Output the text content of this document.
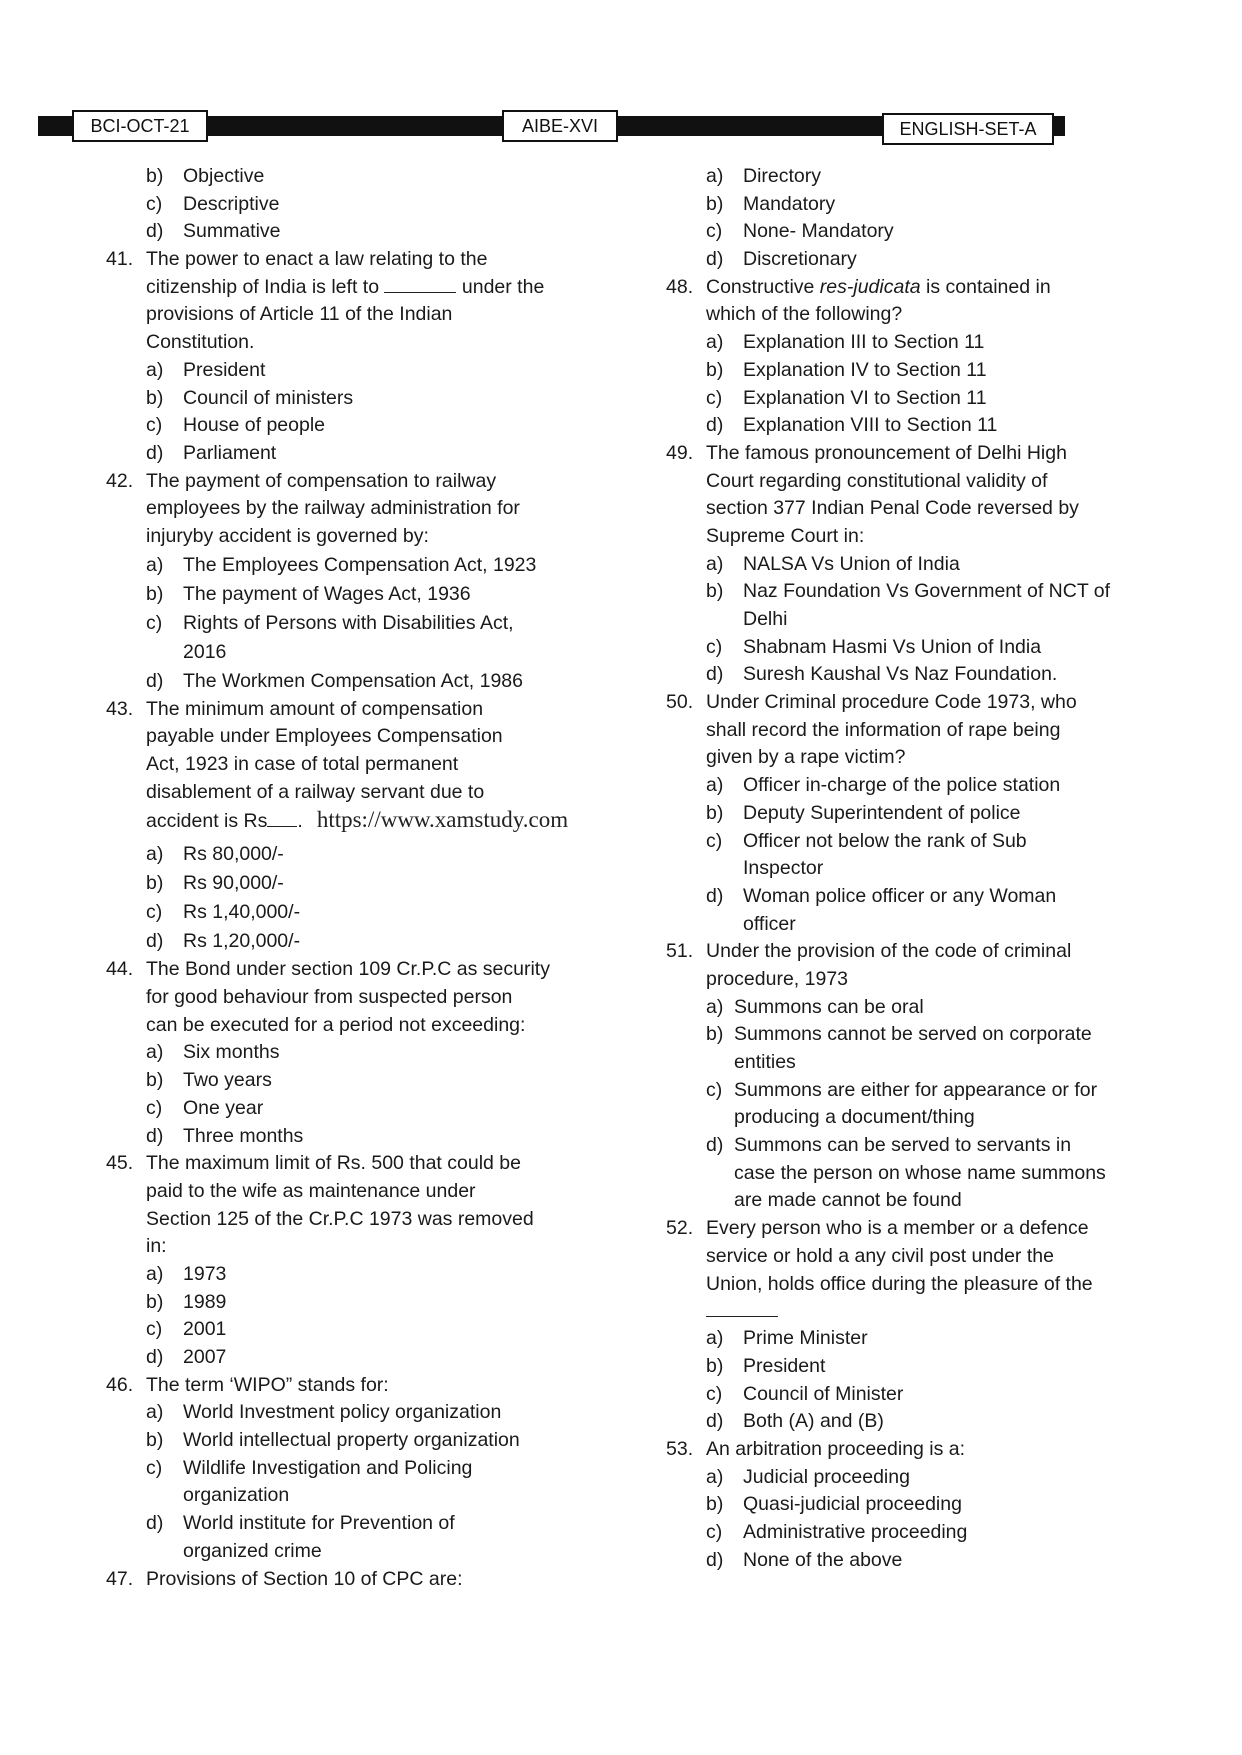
BCI-OCT-21	AIBE-XVI	ENGLISH-SET-A
b) Objective
c) Descriptive
d) Summative
41. The power to enact a law relating to the
citizenship of India is left to	under the
provisions of Article 11 of the Indian
Constitution.
a) President
b) Council of ministers
c) House of people
d) Parliament
42. The payment of compensation to railway
employees by the railway administration for
injuryby accident is governed by:
a) The Employees Compensation Act, 1923
b) The payment of Wages Act, 1936
c) Rights of Persons with Disabilities Act,
2016
d) The Workmen Compensation Act, 1986
43. The minimum amount of compensation
payable under Employees Compensation
Act, 1923 in case of total permanent
disablement of a railway servant due to
accident is Rs . https://www.xamstudy.com
a) Rs 80,000/-
b) Rs 90,000/-
c) Rs 1,40,000/-
d) Rs 1,20,000/-
44. The Bond under section 109 Cr.P.C as security
for good behaviour from suspected person
can be executed for a period not exceeding:
a) Six months
b) Two years
c) One year
d) Three months
45. The maximum limit of Rs. 500 that could be
paid to the wife as maintenance under
Section 125 of the Cr.P.C 1973 was removed
in:
a) 1973
b) 1989
c) 2001
d) 2007
46. The term ‘WIPO” stands for:
a) World Investment policy organization
b) World intellectual property organization
c) Wildlife Investigation and Policing
organization
d) World institute for Prevention of
organized crime
47. Provisions of Section 10 of CPC are:
a) Directory
b) Mandatory
c) None- Mandatory
d) Discretionary
48. Constructive res-judicata is contained in
which of the following?
a) Explanation III to Section 11
b) Explanation IV to Section 11
c) Explanation VI to Section 11
d) Explanation VIII to Section 11
49. The famous pronouncement of Delhi High
Court regarding constitutional validity of
section 377 Indian Penal Code reversed by
Supreme Court in:
a) NALSA Vs Union of India
b) Naz Foundation Vs Government of NCT of
Delhi
c) Shabnam Hasmi Vs Union of India
d) Suresh Kaushal Vs Naz Foundation.
50. Under Criminal procedure Code 1973, who
shall record the information of rape being
given by a rape victim?
a) Officer in-charge of the police station
b) Deputy Superintendent of police
c) Officer not below the rank of Sub
Inspector
d) Woman police officer or any Woman
officer
51. Under the provision of the code of criminal
procedure, 1973
a) Summons can be oral
b) Summons cannot be served on corporate
entities
c) Summons are either for appearance or for
producing a document/thing
d) Summons can be served to servants in
case the person on whose name summons
are made cannot be found
52. Every person who is a member or a defence
service or hold a any civil post under the
Union, holds office during the pleasure of the
a) Prime Minister
b) President
c) Council of Minister
d) Both (A) and (B)
53. An arbitration proceeding is a:
a) Judicial proceeding
b) Quasi-judicial proceeding
c) Administrative proceeding
d) None of the above
